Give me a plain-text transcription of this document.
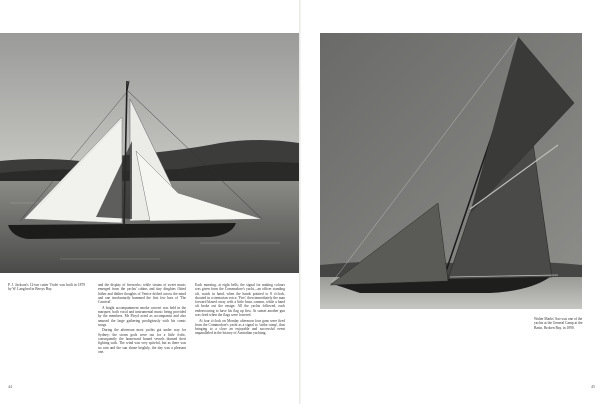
P. J. Jackson's 12-ton cutter Violet was built in 1879 by W. Langford in Berrys Bay.

and the display of fireworks; while strains of sweet music emerged from the yachts' cabins and tiny dinghies flitted hither and thither thoughts of Venice drifted across the mind and one involuntarily hummed the first few bars of 'The Carnival'.

A bright accompaniment smoke concert was held in the marquee, both vocal and instrumental music being provided by the members. Mr Floyd acted as accompanist and also amused the large gathering prodigiously with his comic songs.

During the afternoon most yachts got under way for Sydney; the storm gods were out for a little frolic, consequently the homeward bound vessels donned their fighting sails. The wind was very spiteful, but as there was no rain and the sun shone brightly, the day was a pleasant one.

Each morning, at eight bells, the signal for making colours was given from the Commodore's yacht—an officer standing aft, watch in hand, when the hands pointed to 8 o'clock, shouted in a stentorian voice, 'Fire', then immediately the man forward blazed away with a little brass cannon, while a hand aft broke out the ensign. All the yachts followed, each endeavouring to have his flag up first. At sunset another gun was fired when the flags were lowered.

At four o'clock on Monday afternoon four guns were fired from the Commodore's yacht as a signal to 'strike camp', thus bringing to a close an enjoyable and successful event unparalleled in the history of Australian yachting.

44

Walter Marks' Sao was one of the yachts at the General Camp at the Basin, Broken Bay, in 1890.

45
